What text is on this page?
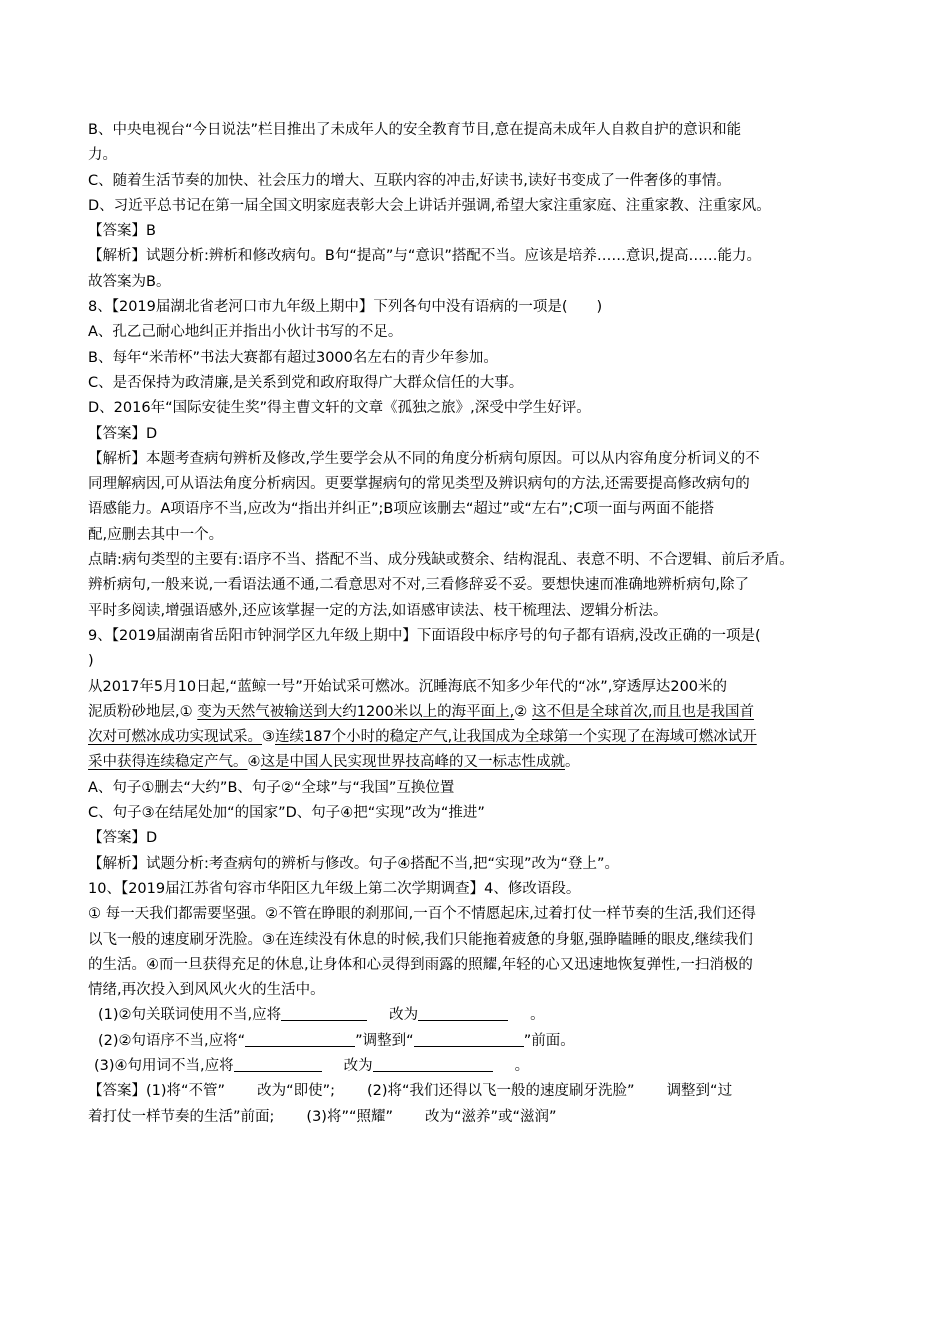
B、中央电视台“今日说法”栏目推出了未成年人的安全教育节目,意在提高未成年人自救自护的意识和能
力。
C、随着生活节奏的加快、社会压力的增大、互联内容的冲击,好读书,读好书变成了一件奢侈的事情。
D、习近平总书记在第一届全国文明家庭表彰大会上讲话并强调,希望大家注重家庭、注重家教、注重家风。
【答案】B
【解析】试题分析:辨析和修改病句。B句“提高”与“意识”搭配不当。应该是培养……意识,提高……能力。
故答案为B。
8、【2019届湖北省老河口市九年级上期中】下列各句中没有语病的一项是(　　)
A、孔乙己耐心地纠正并指出小伙计书写的不足。
B、每年“米芾杯”书法大赛都有超过3000名左右的青少年参加。
C、是否保持为政清廉,是关系到党和政府取得广大群众信任的大事。
D、2016年“国际安徒生奖”得主曹文轩的文章《孤独之旅》,深受中学生好评。
【答案】D
【解析】本题考查病句辨析及修改,学生要学会从不同的角度分析病句原因。可以从内容角度分析词义的不
同理解病因,可从语法角度分析病因。更要掌握病句的常见类型及辨识病句的方法,还需要提高修改病句的
语感能力。A项语序不当,应改为“指出并纠正”;B项应该删去“超过”或“左右”;C项一面与两面不能搭
配,应删去其中一个。
点睛:病句类型的主要有:语序不当、搭配不当、成分残缺或赘余、结构混乱、表意不明、不合逻辑、前后矛盾。
辨析病句,一般来说,一看语法通不通,二看意思对不对,三看修辞妥不妥。要想快速而准确地辨析病句,除了
平时多阅读,增强语感外,还应该掌握一定的方法,如语感审读法、枝干梳理法、逻辑分析法。
9、【2019届湖南省岳阳市钟洞学区九年级上期中】下面语段中标序号的句子都有语病,没改正确的一项是(
)
从2017年5月10日起,“蓝鲸一号”开始试采可燃冰。沉睡海底不知多少年代的“冰”,穿透厚达200米的
泥质粉砂地层,① 变为天然气被输送到大约1200米以上的海平面上,② 这不但是全球首次,而且也是我国首
次对可燃冰成功实现试采。③连续187个小时的稳定产气,让我国成为全球第一个实现了在海域可燃冰试开
采中获得连续稳定产气。④这是中国人民实现世界技高峰的又一标志性成就。
A、句子①删去“大约”B、句子②“全球”与“我国”互换位置
C、句子③在结尾处加“的国家”D、句子④把“实现”改为“推进”
【答案】D
【解析】试题分析:考查病句的辨析与修改。句子④搭配不当,把“实现”改为“登上”。
10、【2019届江苏省句容市华阳区九年级上第二次学期调查】4、修改语段。
① 每一天我们都需要坚强。②不管在睁眼的刹那间,一百个不情愿起床,过着打仗一样节奏的生活,我们还得
以飞一般的速度刷牙洗脸。③在连续没有休息的时候,我们只能拖着疲惫的身躯,强睁瞌睡的眼皮,继续我们
的生活。④而一旦获得充足的休息,让身体和心灵得到雨露的照耀,年轻的心又迅速地恢复弹性,一扫消极的
情绪,再次投入到风风火火的生活中。
(1)②句关联词使用不当,应将	改为	。
(2)②句语序不当,应将“	”调整到“	”前面。
(3)④句用词不当,应将	改为	。
【答案】(1)将“不管” 改为“即使”; (2)将“我们还得以飞一般的速度刷牙洗脸” 调整到“过
着打仗一样节奏的生活”前面; (3)将”“照耀” 改为“滋养”或“滋润”
